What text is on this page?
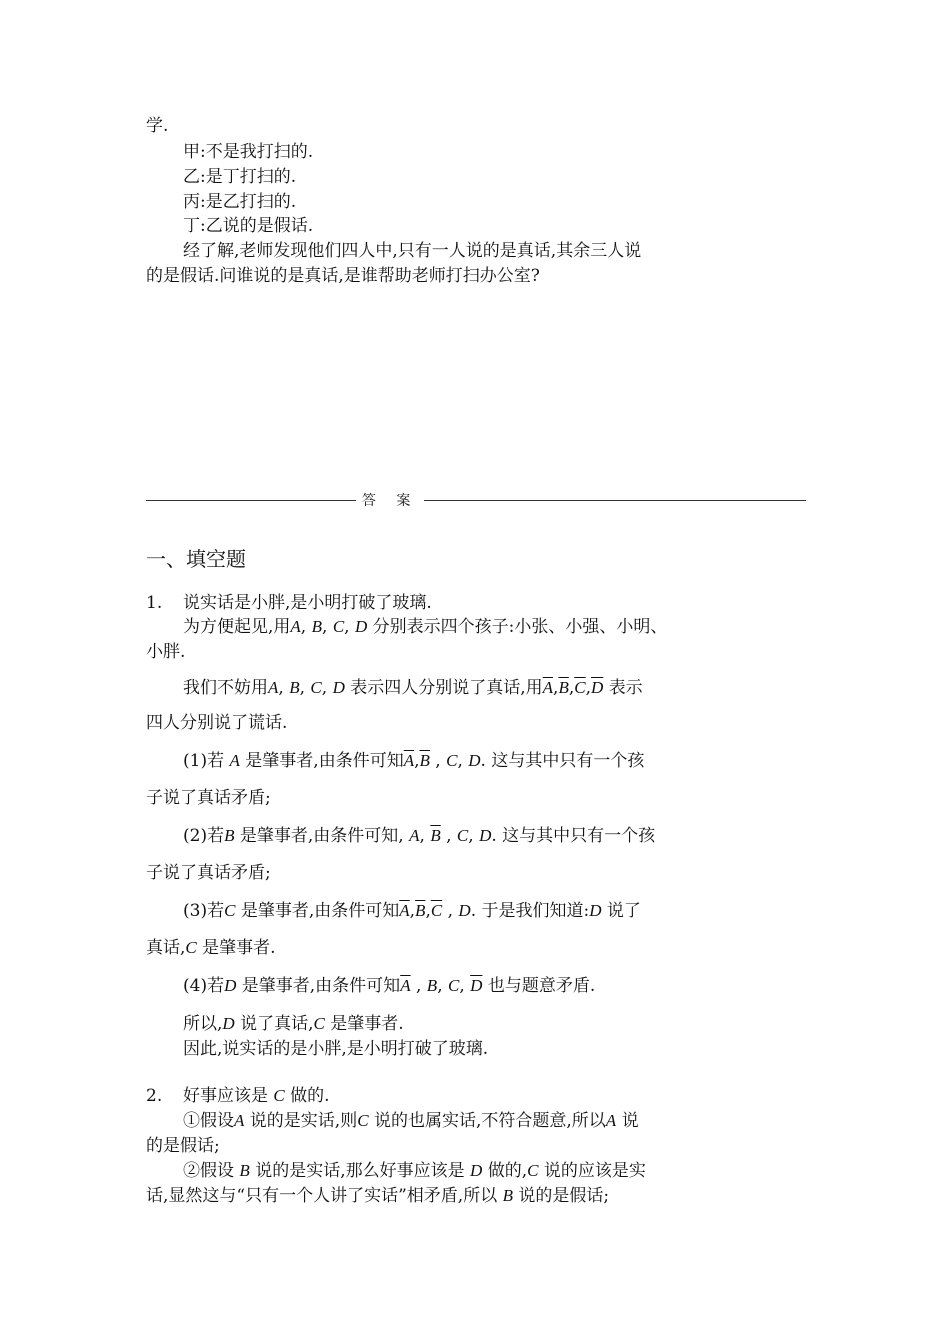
学.
甲:不是我打扫的.
乙:是丁打扫的.
丙:是乙打扫的.
丁:乙说的是假话.
经了解,老师发现他们四人中,只有一人说的是真话,其余三人说
的是假话.问谁说的是真话,是谁帮助老师打扫办公室?
答 案
一、填空题
1. 说实话是小胖,是小明打破了玻璃.
为方便起见,用A, B, C, D 分别表示四个孩子:小张、小强、小明、
小胖.
我们不妨用A, B, C, D 表示四人分别说了真话,用$\overline{A},\overline{B},\overline{C},\overline{D}$ 表示
四人分别说了谎话.
(1)若 A 是肇事者,由条件可知$\overline{A},\overline{B}$ , C, D. 这与其中只有一个孩
子说了真话矛盾;
(2)若B 是肇事者,由条件可知, A, $\overline{B}$ , C, D. 这与其中只有一个孩
子说了真话矛盾;
(3)若C 是肇事者,由条件可知$\overline{A},\overline{B},\overline{C}$ , D. 于是我们知道:D 说了
真话,C 是肇事者.
(4)若D 是肇事者,由条件可知$\overline{A}$ , B, C, $\overline{D}$ 也与题意矛盾.
所以,D 说了真话,C 是肇事者.
因此,说实话的是小胖,是小明打破了玻璃.
2. 好事应该是 C 做的.
①假设A 说的是实话,则C 说的也属实话,不符合题意,所以A 说
的是假话;
②假设 B 说的是实话,那么好事应该是 D 做的,C 说的应该是实
话,显然这与“只有一个人讲了实话”相矛盾,所以 B 说的是假话;
